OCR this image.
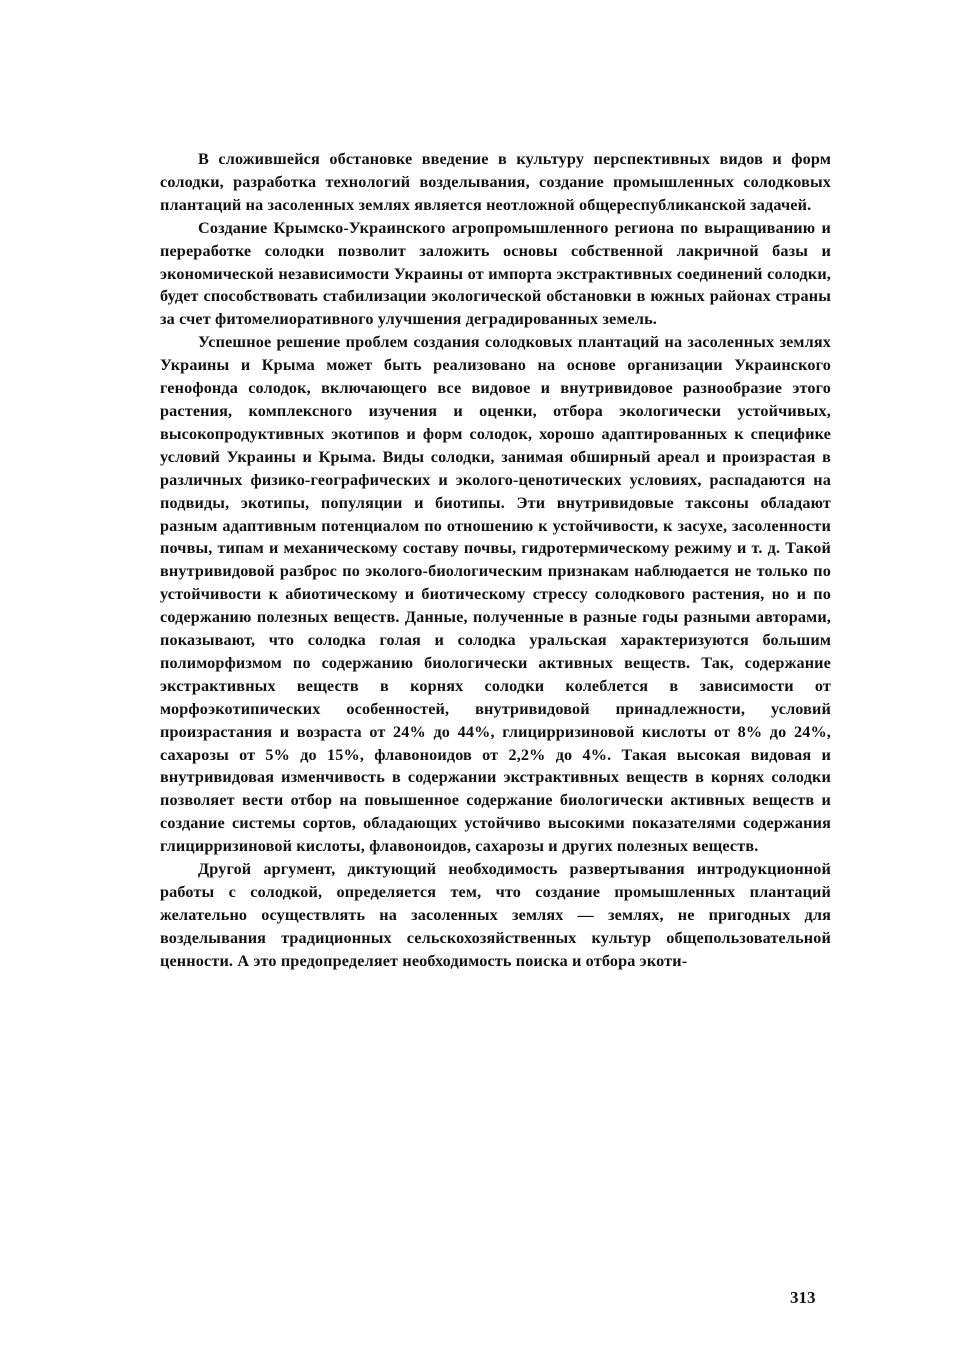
В сложившейся обстановке введение в культуру перспективных видов и форм солодки, разработка технологий возделывания, создание промышленных солодковых плантаций на засоленных землях является неотложной общереспубликанской задачей.

Создание Крымско-Украинского агропромышленного региона по выращиванию и переработке солодки позволит заложить основы собственной лакричной базы и экономической независимости Украины от импорта экстрактивных соединений солодки, будет способствовать стабилизации экологической обстановки в южных районах страны за счет фитомелиоративного улучшения деградированных земель.

Успешное решение проблем создания солодковых плантаций на засоленных землях Украины и Крыма может быть реализовано на основе организации Украинского генофонда солодок, включающего все видовое и внутривидовое разнообразие этого растения, комплексного изучения и оценки, отбора экологически устойчивых, высокопродуктивных экотипов и форм солодок, хорошо адаптированных к специфике условий Украины и Крыма. Виды солодки, занимая обширный ареал и произрастая в различных физико-географических и эколого-ценотических условиях, распадаются на подвиды, экотипы, популяции и биотипы. Эти внутривидовые таксоны обладают разным адаптивным потенциалом по отношению к устойчивости, к засухе, засоленности почвы, типам и механическому составу почвы, гидротермическому режиму и т. д. Такой внутривидовой разброс по эколого-биологическим признакам наблюдается не только по устойчивости к абиотическому и биотическому стрессу солодкового растения, но и по содержанию полезных веществ. Данные, полученные в разные годы разными авторами, показывают, что солодка голая и солодка уральская характеризуются большим полиморфизмом по содержанию биологически активных веществ. Так, содержание экстрактивных веществ в корнях солодки колеблется в зависимости от морфоэкотипических особенностей, внутривидовой принадлежности, условий произрастания и возраста от 24% до 44%, глицирризиновой кислоты от 8% до 24%, сахарозы от 5% до 15%, флавоноидов от 2,2% до 4%. Такая высокая видовая и внутривидовая изменчивость в содержании экстрактивных веществ в корнях солодки позволяет вести отбор на повышенное содержание биологически активных веществ и создание системы сортов, обладающих устойчиво высокими показателями содержания глицирризиновой кислоты, флавоноидов, сахарозы и других полезных веществ.

Другой аргумент, диктующий необходимость развертывания интродукционной работы с солодкой, определяется тем, что создание промышленных плантаций желательно осуществлять на засоленных землях — землях, не пригодных для возделывания традиционных сельскохозяйственных культур общепользовательной ценности. А это предопределяет необходимость поиска и отбора экоти-

313
